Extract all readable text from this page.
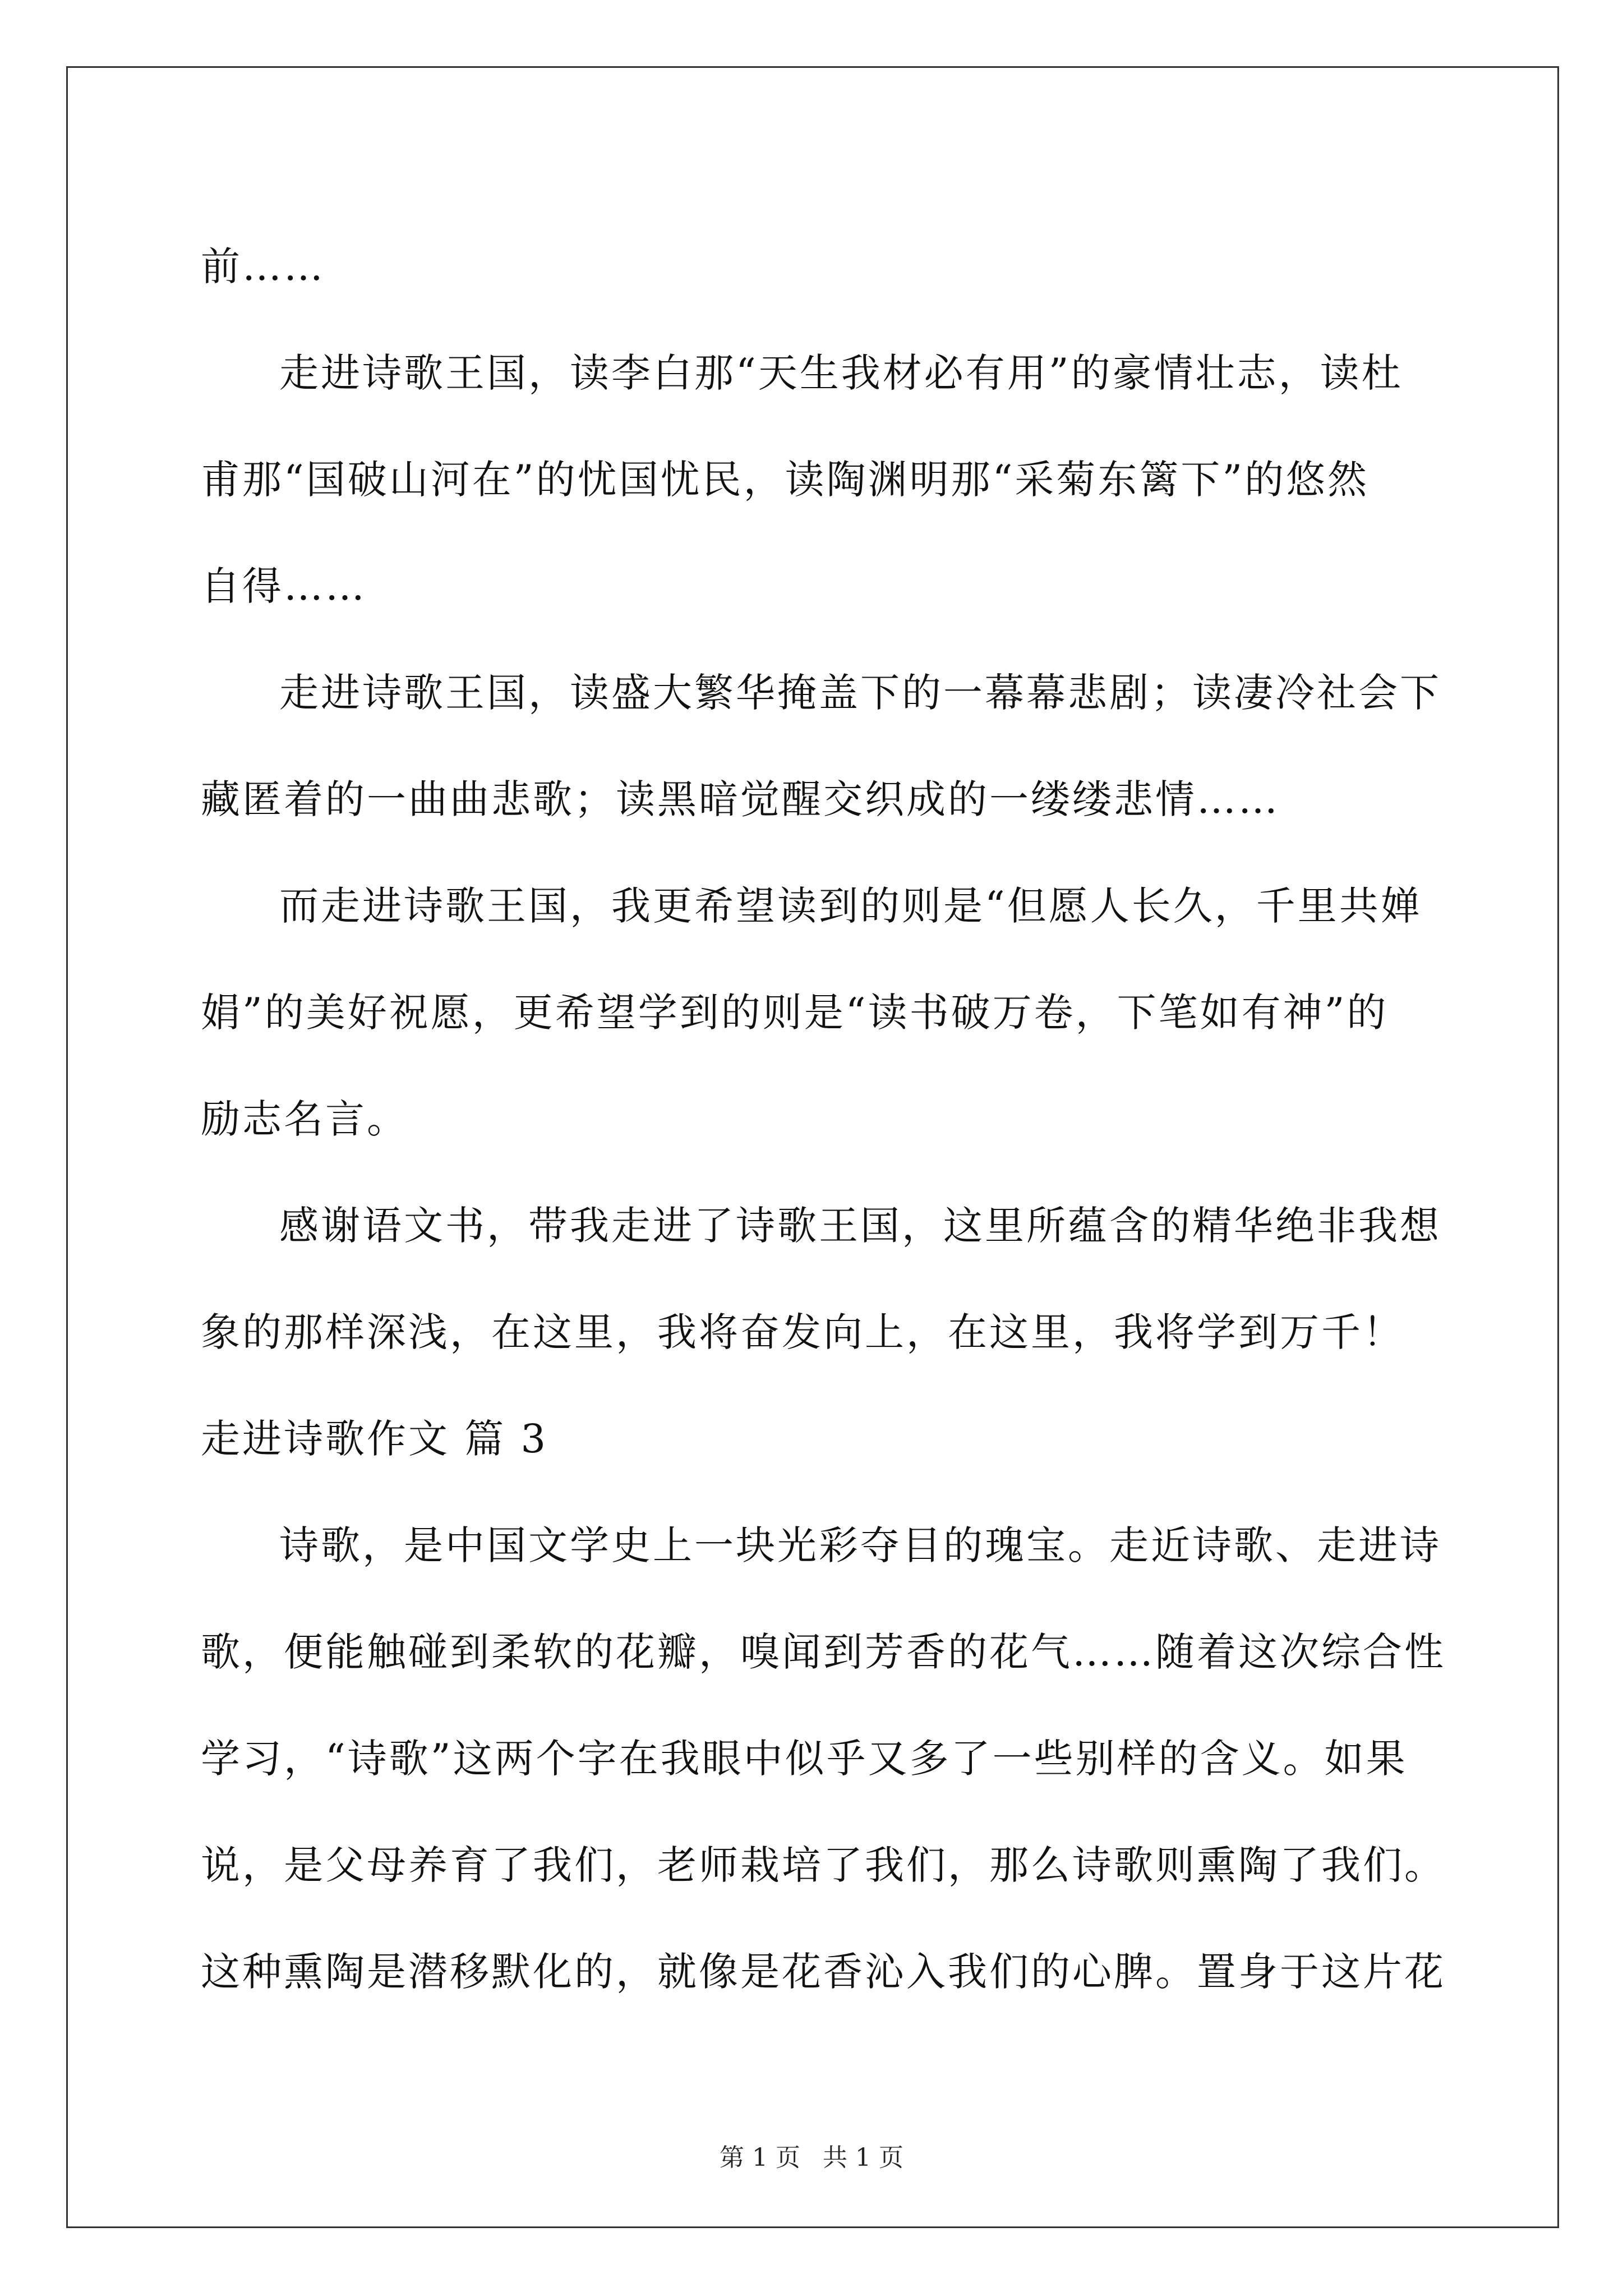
前……
走进诗歌王国，读李白那“天生我材必有用”的豪情壮志，读杜
甫那“国破山河在”的忧国忧民，读陶渊明那“采菊东篱下”的悠然
自得……
走进诗歌王国，读盛大繁华掩盖下的一幕幕悲剧；读凄冷社会下
藏匿着的一曲曲悲歌；读黑暗觉醒交织成的一缕缕悲情……
而走进诗歌王国，我更希望读到的则是“但愿人长久，千里共婵
娟”的美好祝愿，更希望学到的则是“读书破万卷，下笔如有神”的
励志名言。
感谢语文书，带我走进了诗歌王国，这里所蕴含的精华绝非我想
象的那样深浅，在这里，我将奋发向上，在这里，我将学到万千！
走进诗歌作文 篇 3
诗歌，是中国文学史上一块光彩夺目的瑰宝。走近诗歌、走进诗
歌，便能触碰到柔软的花瓣，嗅闻到芳香的花气……随着这次综合性
学习，“诗歌”这两个字在我眼中似乎又多了一些别样的含义。如果
说，是父母养育了我们，老师栽培了我们，那么诗歌则熏陶了我们。
这种熏陶是潜移默化的，就像是花香沁入我们的心脾。置身于这片花
第 1 页 共 1 页
